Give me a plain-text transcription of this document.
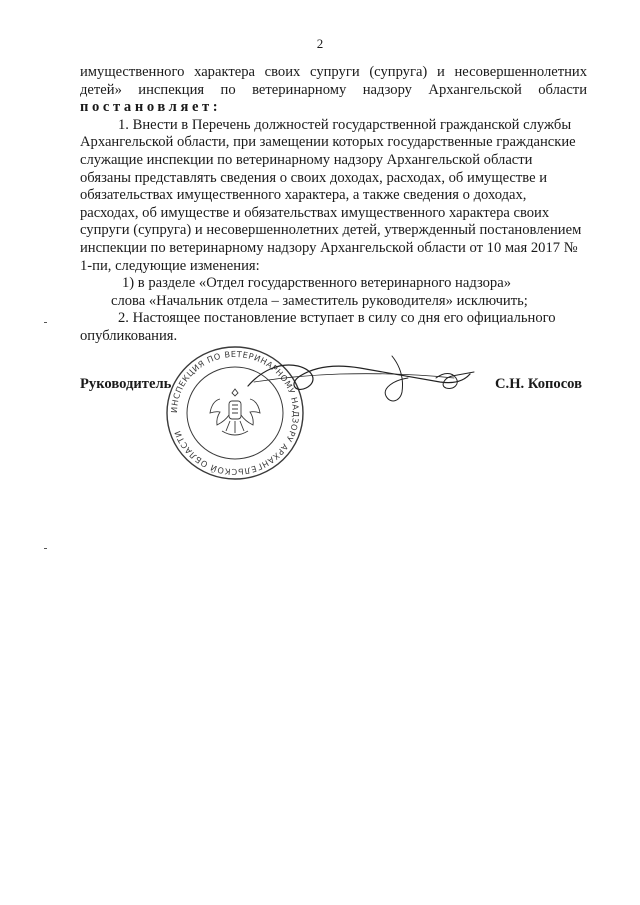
2

имущественного характера своих супруги (супруга) и несовершеннолетних

детей» инспекция по ветеринарному надзору Архангельской области

постановляет:

1. Внести в Перечень должностей государственной гражданской службы Архангельской области, при замещении которых государственные гражданские служащие инспекции по ветеринарному надзору Архангельской области обязаны представлять сведения о своих доходах, расходах, об имуществе и обязательствах имущественного характера, а также сведения о доходах, расходах, об имуществе и обязательствах имущественного характера своих супруги (супруга) и несовершеннолетних детей, утвержденный постановлением инспекции по ветеринарному надзору Архангельской области от 10 мая 2017 № 1-пи, следующие изменения:

1) в разделе «Отдел государственного ветеринарного надзора»

слова «Начальник отдела – заместитель руководителя» исключить;

2. Настоящее постановление вступает в силу со дня его официального опубликования.

ИНСПЕКЦИЯ ПО ВЕТЕРИНАРНОМУ НАДЗОРУ АРХАНГЕЛЬСКОЙ ОБЛАСТИ
Руководитель	С.Н. Копосов
